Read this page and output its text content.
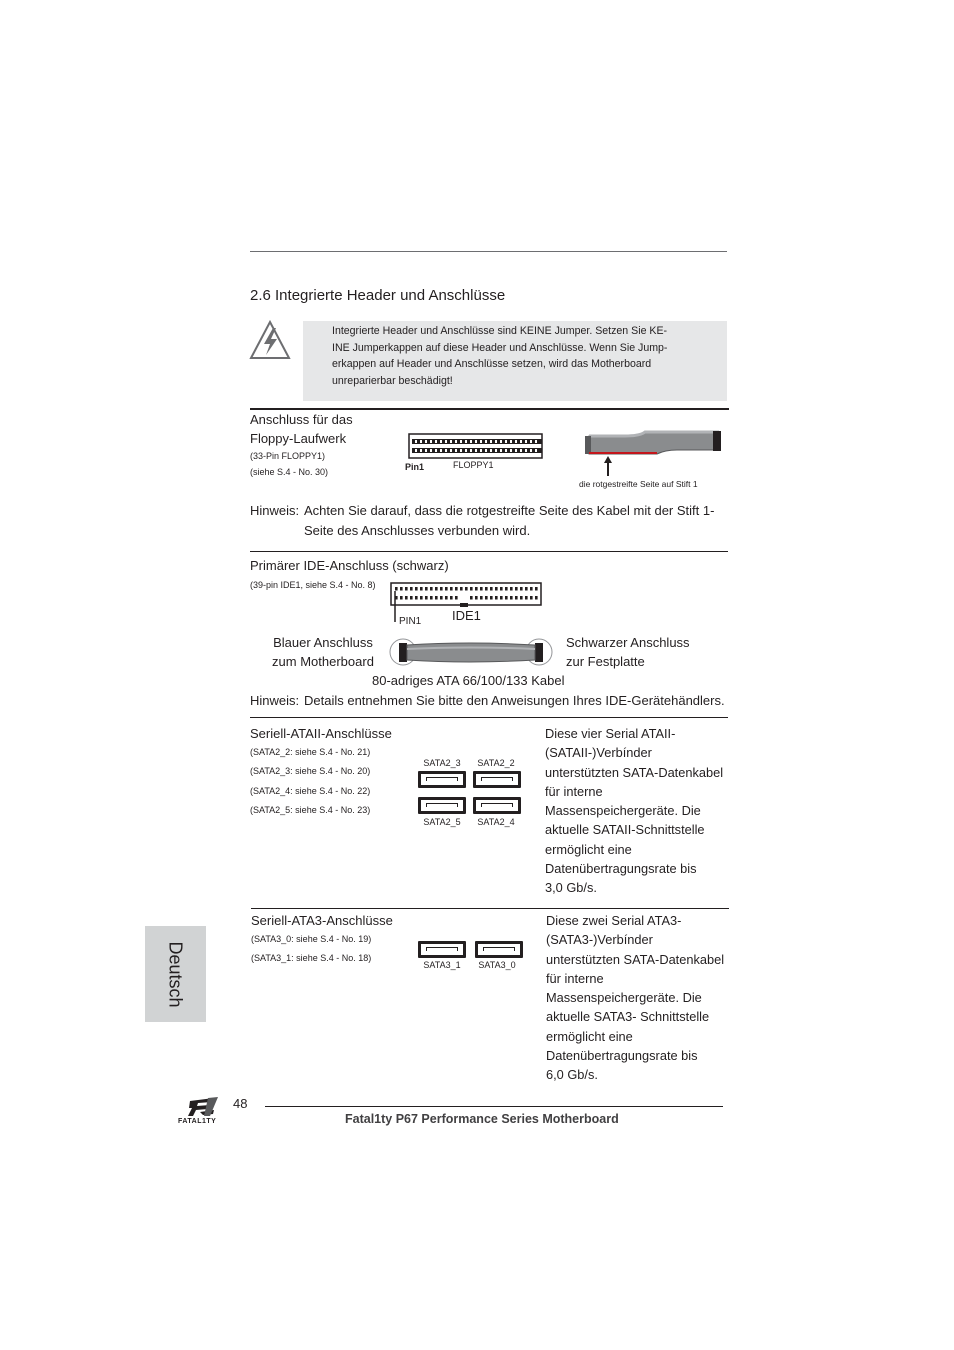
2.6 Integrierte Header und Anschlüsse
Integrierte Header und Anschlüsse sind KEINE Jumper. Setzen Sie KE-
INE Jumperkappen auf diese Header und Anschlüsse. Wenn Sie Jump-
erkappen auf Header und Anschlüsse setzen, wird das Motherboard
unreparierbar beschädigt!
Anschluss für das
Floppy-Laufwerk
(33-Pin FLOPPY1)
(siehe S.4 - No. 30)	Pin1	FLOPPY1
die rotgestreifte Seite auf Stift 1
Hinweis: Achten Sie darauf, dass die rotgestreifte Seite des Kabel mit der Stift 1-
Seite des Anschlusses verbunden wird.
Primärer IDE-Anschluss (schwarz)
(39-pin IDE1, siehe S.4 - No. 8)
PIN1 IDE1
Blauer Anschluss
zum Motherboard
Schwarzer Anschluss
zur Festplatte
80-adriges ATA 66/100/133 Kabel
Hinweis: Details entnehmen Sie bitte den Anweisungen Ihres IDE-Gerätehändlers.
Seriell-ATAII-Anschlüsse
(SATA2_2: siehe S.4 - No. 21)
(SATA2_3: siehe S.4 - No. 20)
(SATA2_4: siehe S.4 - No. 22)
(SATA2_5: siehe S.4 - No. 23)
SATA2_3	SATA2_2
SATA2_5	SATA2_4
Diese vier Serial ATAII-
(SATAII-)Verbínder
unterstützten SATA-Datenkabel
für interne
Massenspeichergeräte. Die
aktuelle SATAII-Schnittstelle
ermöglicht eine
Datenübertragungsrate bis
3,0 Gb/s.
Seriell-ATA3-Anschlüsse
(SATA3_0: siehe S.4 - No. 19)
(SATA3_1: siehe S.4 - No. 18)
SATA3_1	SATA3_0
Diese zwei Serial ATA3-
(SATA3-)Verbínder
unterstützten SATA-Datenkabel
für interne
Massenspeichergeräte. Die
aktuelle SATA3- Schnittstelle
ermöglicht eine
Datenübertragungsrate bis
6,0 Gb/s.
Deutsch
FATAL1TY
48
Fatal1ty P67 Performance Series Motherboard
